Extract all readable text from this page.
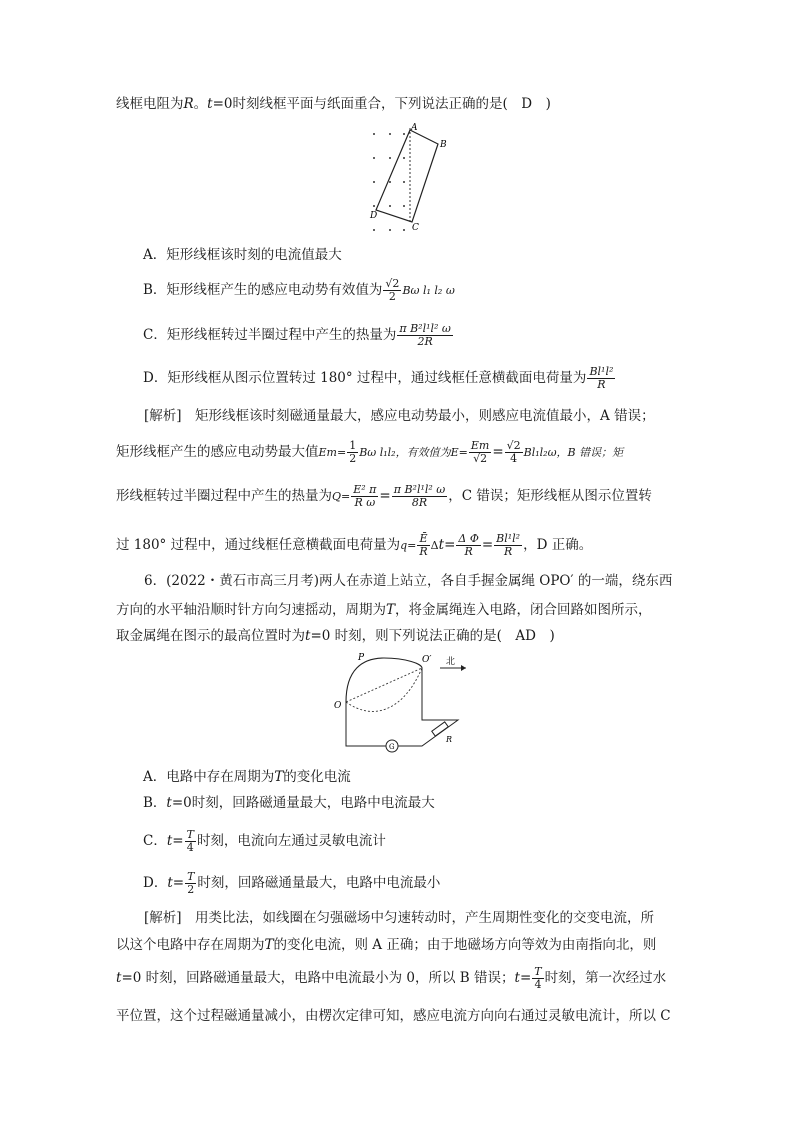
线框电阻为R。t=0时刻线框平面与纸面重合，下列说法正确的是(　D　)
A
B
C
D
A．矩形线框该时刻的电流值最大
B．矩形线框产生的感应电动势有效值为 $\frac{√2}{2}$ Bω l₁ l₂ ω
C．矩形线框转过半圈过程中产生的热量为 $\frac{\text{π B²l¹l² ω}}{2R}$
D．矩形线框从图示位置转过 180° 过程中，通过线框任意横截面电荷量为 $\frac{\text{Bl¹l²}}{R}$
[解析]　矩形线框该时刻磁通量最大，感应电动势最小，则感应电流值最小，A 错误；
矩形线框产生的感应电动势最大值$Em= \frac{1}{2}$ Bω l₁l₂，有效值为$E= \frac{Em}{√2} = \frac{√2}{4} Bl_1l_2\omega$，B 错误；矩
形线框转过半圈过程中产生的热量为$Q= \frac{\text{E² π}}{\text{R ω}} = \frac{\text{π B²l¹l² ω}}{8R}$ ，C 错误；矩形线框从图示位置转
过 180° 过程中，通过线框任意横截面电荷量为$q= \frac{Ē}{R} \Delta t= \frac{\text{Δ Φ}}{R} = \frac{\text{Bl¹l²}}{R}$ ，D 正确。
6．(2022・黄石市高三月考)两人在赤道上站立，各自手握金属绳 OPO′ 的一端，绕东西
方向的水平轴沿顺时针方向匀速摇动，周期为T，将金属绳连入电路，闭合回路如图所示，
取金属绳在图示的最高位置时为t=0 时刻，则下列说法正确的是(　AD　)
P	O′
O
北
G
R
A．电路中存在周期为T的变化电流
B．t=0时刻，回路磁通量最大，电路中电流最大
C．$t= \frac{T}{4}$ 时刻，电流向左通过灵敏电流计
D．$t= \frac{T}{2}$ 时刻，回路磁通量最大，电路中电流最小
[解析]　用类比法，如线圈在匀强磁场中匀速转动时，产生周期性变化的交变电流，所
以这个电路中存在周期为T的变化电流，则 A 正确；由于地磁场方向等效为由南指向北，则
t=0 时刻，回路磁通量最大，电路中电流最小为 0，所以 B 错误；$t= \frac{T}{4}$ 时刻，第一次经过水
平位置，这个过程磁通量减小，由楞次定律可知，感应电流方向向右通过灵敏电流计，所以 C
